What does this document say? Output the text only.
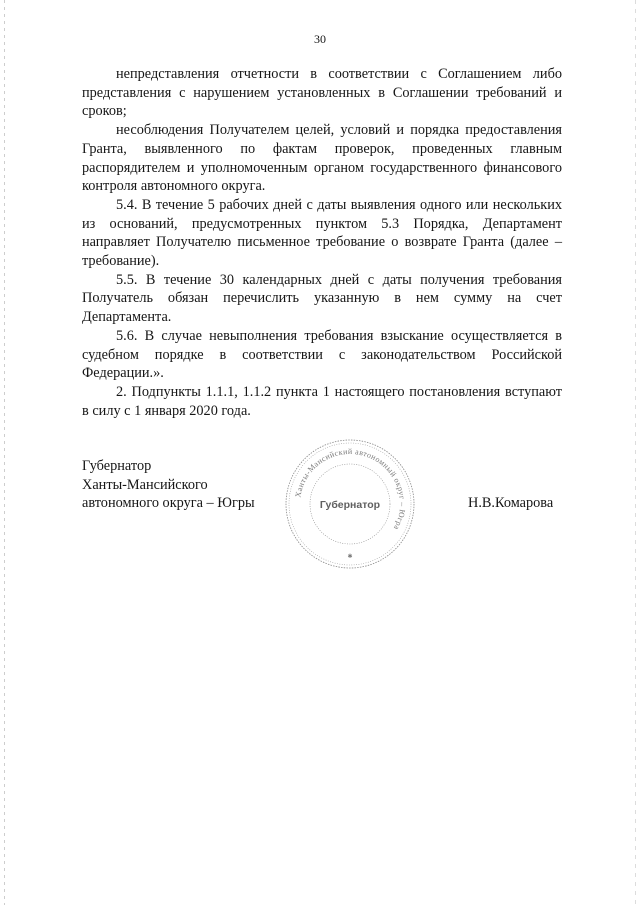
30

непредставления отчетности в соответствии с Соглашением либо представления с нарушением установленных в Соглашении требований и сроков;

несоблюдения Получателем целей, условий и порядка предоставления Гранта, выявленного по фактам проверок, проведенных главным распорядителем и уполномоченным органом государственного финансового контроля автономного округа.

5.4. В течение 5 рабочих дней с даты выявления одного или нескольких из оснований, предусмотренных пунктом 5.3 Порядка, Департамент направляет Получателю письменное требование о возврате Гранта (далее – требование).

5.5. В течение 30 календарных дней с даты получения требования Получатель обязан перечислить указанную в нем сумму на счет Департамента.

5.6. В случае невыполнения требования взыскание осуществляется в судебном порядке в соответствии с законодательством Российской Федерации.».

2. Подпункты 1.1.1, 1.1.2 пункта 1 настоящего постановления вступают в силу с 1 января 2020 года.

Губернатор
Ханты-Мансийского
автономного округа – Югры
Ханты-Мансийский автономный округ – Югра
Губернатор
✱
Н.В.Комарова
